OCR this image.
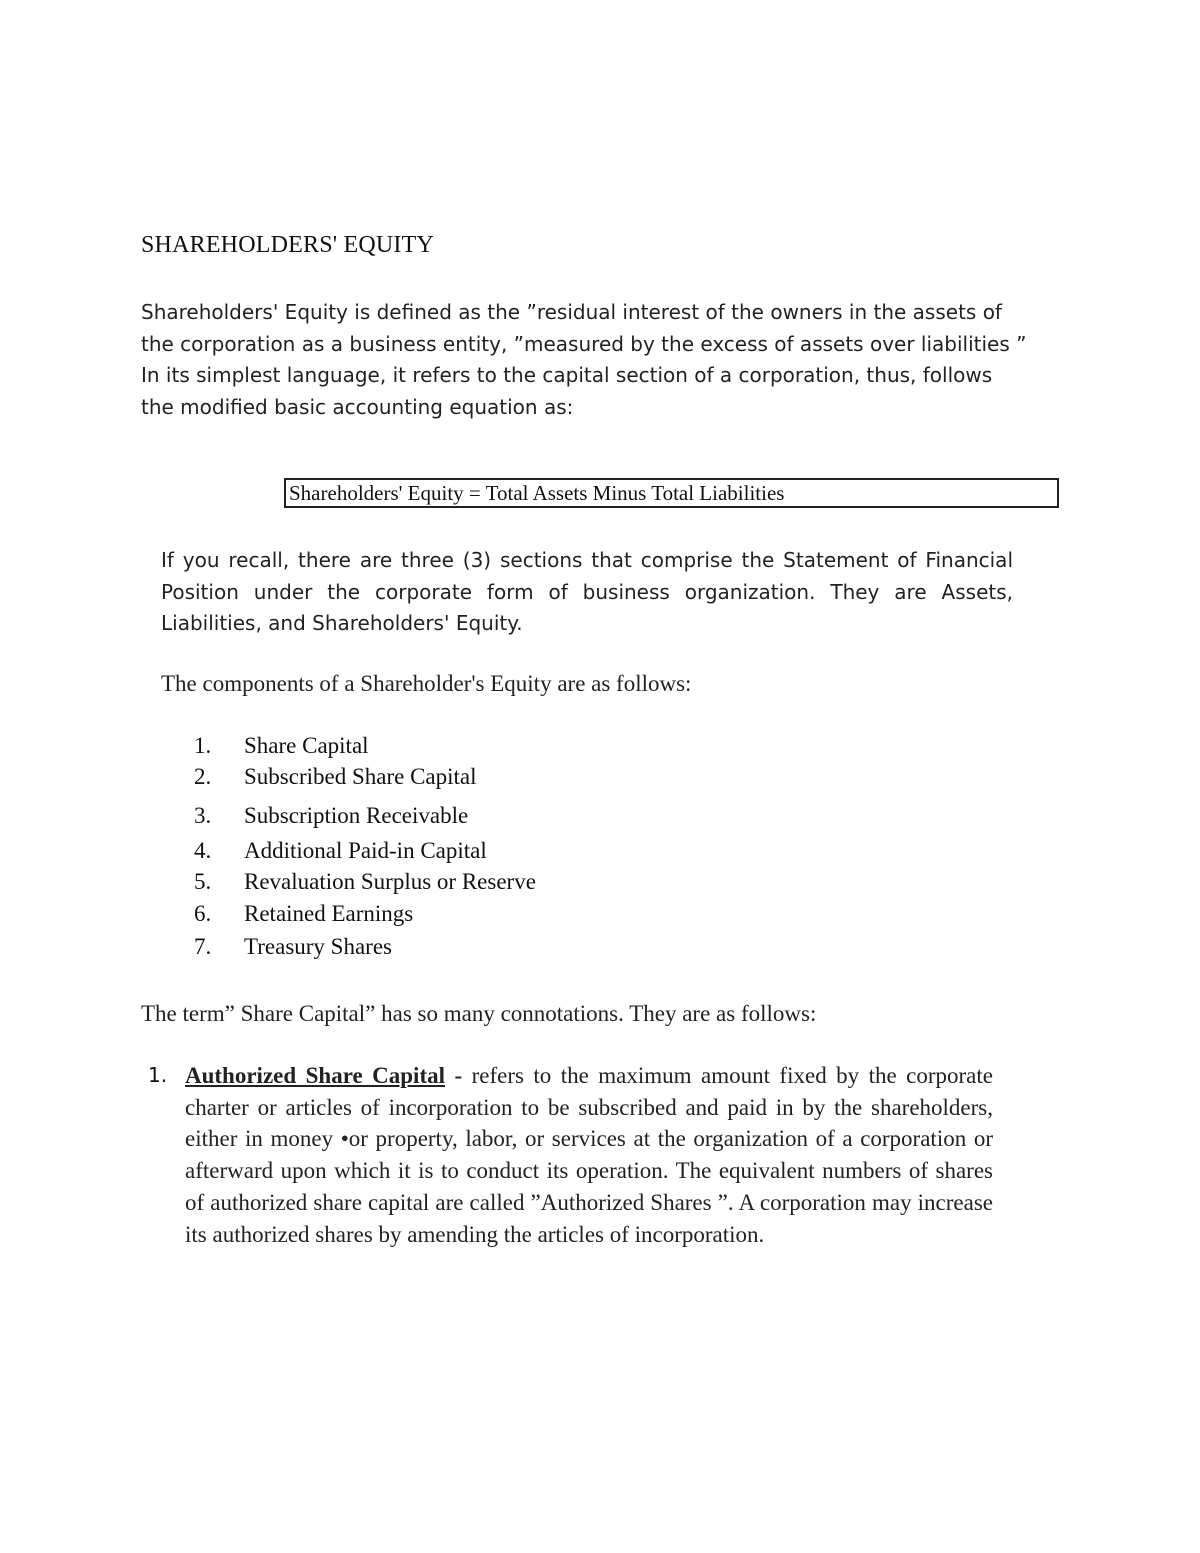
SHAREHOLDERS' EQUITY
Shareholders' Equity is defined as the ”residual interest of the owners in the assets of the corporation as a business entity, ”measured by the excess of assets over liabilities ” In its simplest language, it refers to the capital section of a corporation, thus, follows the modified basic accounting equation as:
Shareholders' Equity = Total Assets Minus Total Liabilities
If you recall, there are three (3) sections that comprise the Statement of Financial Position under the corporate form of business organization. They are Assets, Liabilities, and Shareholders' Equity.
The components of a Shareholder's Equity are as follows:
1. Share Capital
2. Subscribed Share Capital
3. Subscription Receivable
4. Additional Paid-in Capital
5. Revaluation Surplus or Reserve
6. Retained Earnings
7. Treasury Shares
The term” Share Capital” has so many connotations. They are as follows:
1. Authorized Share Capital - refers to the maximum amount fixed by the corporate charter or articles of incorporation to be subscribed and paid in by the shareholders, either in money •or property, labor, or services at the organization of a corporation or afterward upon which it is to conduct its operation. The equivalent numbers of shares of authorized share capital are called ”Authorized Shares ”. A corporation may increase its authorized shares by amending the articles of incorporation.
